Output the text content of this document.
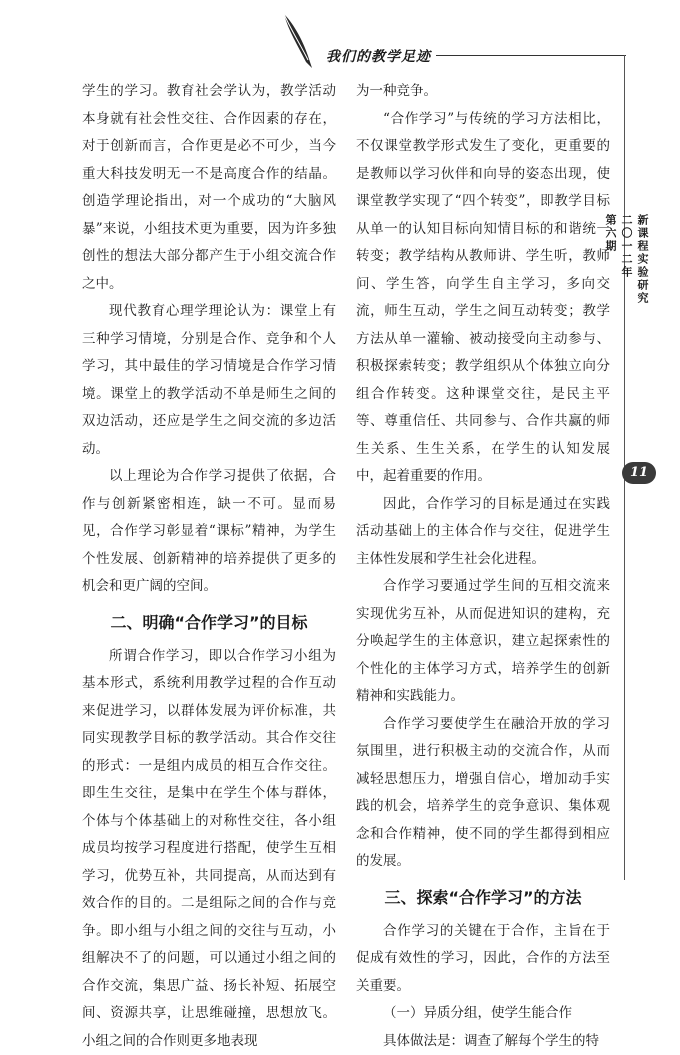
我们的教学足迹
新课程实验研究
二〇一二年
第六期
11

学生的学习。教育社会学认为，教学活动本身就有社会性交往、合作因素的存在，对于创新而言，合作更是必不可少，当今重大科技发明无一不是高度合作的结晶。创造学理论指出，对一个成功的“大脑风暴”来说，小组技术更为重要，因为许多独创性的想法大部分都产生于小组交流合作之中。

现代教育心理学理论认为：课堂上有三种学习情境，分别是合作、竞争和个人学习，其中最佳的学习情境是合作学习情境。课堂上的教学活动不单是师生之间的双边活动，还应是学生之间交流的多边活动。

以上理论为合作学习提供了依据，合作与创新紧密相连，缺一不可。显而易见，合作学习彰显着“课标”精神，为学生个性发展、创新精神的培养提供了更多的机会和更广阔的空间。

二、明确“合作学习”的目标

所谓合作学习，即以合作学习小组为基本形式，系统利用教学过程的合作互动来促进学习，以群体发展为评价标准，共同实现教学目标的教学活动。其合作交往的形式：一是组内成员的相互合作交往。即生生交往，是集中在学生个体与群体，个体与个体基础上的对称性交往，各小组成员均按学习程度进行搭配，使学生互相学习，优势互补，共同提高，从而达到有效合作的目的。二是组际之间的合作与竞争。即小组与小组之间的交往与互动，小组解决不了的问题，可以通过小组之间的合作交流，集思广益、扬长补短、拓展空间、资源共享，让思维碰撞，思想放飞。小组之间的合作则更多地表现

为一种竞争。

“合作学习”与传统的学习方法相比，不仅课堂教学形式发生了变化，更重要的是教师以学习伙伴和向导的姿态出现，使课堂教学实现了“四个转变”，即教学目标从单一的认知目标向知情目标的和谐统一转变；教学结构从教师讲、学生听，教师问、学生答，向学生自主学习，多向交流，师生互动，学生之间互动转变；教学方法从单一灌输、被动接受向主动参与、积极探索转变；教学组织从个体独立向分组合作转变。这种课堂交往，是民主平等、尊重信任、共同参与、合作共赢的师生关系、生生关系，在学生的认知发展中，起着重要的作用。

因此，合作学习的目标是通过在实践活动基础上的主体合作与交往，促进学生主体性发展和学生社会化进程。

合作学习要通过学生间的互相交流来实现优劣互补，从而促进知识的建构，充分唤起学生的主体意识，建立起探索性的个性化的主体学习方式，培养学生的创新精神和实践能力。

合作学习要使学生在融洽开放的学习氛围里，进行积极主动的交流合作，从而减轻思想压力，增强自信心，增加动手实践的机会，培养学生的竞争意识、集体观念和合作精神，使不同的学生都得到相应的发展。

三、探索“合作学习”的方法

合作学习的关键在于合作，主旨在于促成有效性的学习，因此，合作的方法至关重要。

（一）异质分组，使学生能合作

具体做法是：调查了解每个学生的特
